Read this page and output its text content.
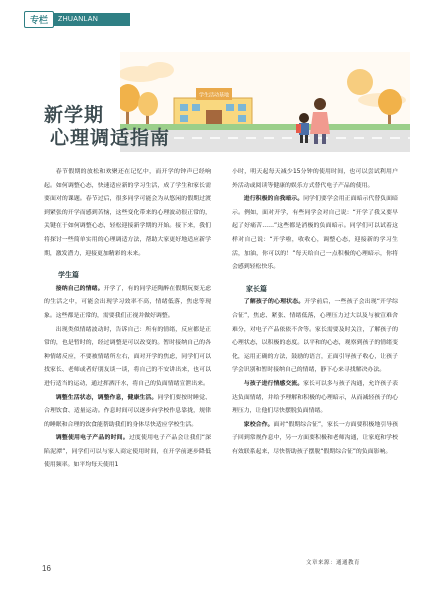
专栏	ZHUANLAN
学生活动基地
新学期
心理调适指南

春节假期的放松和欢聚还在记忆中，而开学的钟声已经响起。如何调整心态，快速适应新的学习生活，成了学生和家长需要面对的课题。春节过后，很多同学可能会为从悠闲的假期过渡到紧张的开学而感到苦恼，这些变化带来的心理波动很正常的，关键在于如何调整心态，轻松迎接新学期的开始。接下来，我们将探讨一些简单实用的心理调适方法，帮助大家更好地适应新学期，激发潜力，迎接更加精彩的未来。

学生篇

接纳自己的情绪。开学了，有的同学还陶醉在假期玩耍无虑的生活之中，可能会出现学习效率不高，情绪低落，焦虑等现象。这些都是正常的，需要我们正视并做好调整。

出现类似情绪波动时，告诉自己：所有的情绪，反应都是正常的，也是暂时的，经过调整是可以改变的。暂时接纳自己的各种情绪反应，不要被情绪所左右，面对开学的焦虑，同学们可以找家长、老师或者好朋友谈一谈，将自己的不安讲出来，也可以进行适当的运动，通过挥洒汗水，将自己的负面情绪宣泄出来。

调整生活状态，调整作息，健康生活。同学们要按时睡觉、合理饮食、适量运动。作息时间可以逐步向学校作息靠拢，规律的睡眠和合理的饮食能帮助我们的身体尽快适应学校生活。

调整使用电子产品的时间。过度使用电子产品会让我们“深陷泥潭”，同学们可以与家人商定使用时间，在开学前逐步降低使用频率。如平均每天使用1

小时，明天起每天减少15分钟的使用时间，也可以尝试利用户外活动或阅读等健康的娱乐方式替代电子产品的使用。

进行积极的自我暗示。同学们要学会用正面暗示代替负面暗示。例如，面对开学，有些同学会对自己说：“开学了我又要早起了好痛苦……”这些都是消极的负面暗示。同学们可以试着这样对自己说：“开学啦，收收心，调整心态，迎接新的学习生活，加油，你可以的！”每天给自己一点积极的心理暗示，你将会感到轻松快乐。

家长篇

了解孩子的心理状态。开学前后，一些孩子会出现“开学综合征”，焦虑、紧张、情绪低落，心理压力过大以及与被宣难舍难分，对电子产品依依不舍等。家长需要及时关注，了解孩子的心理状态，以积极的态度。以平和的心态，观察到孩子的情绪变化，运用正确的方法，鼓励的语言，正面引导孩子收心，让孩子学会识别和暂时接纳自己的情绪，静下心来寻找解决办法。

与孩子进行情感交流。家长可以多与孩子沟通，允许孩子表达负面情绪，并给予理解和积极的心理暗示，从而减轻孩子的心理压力，让他们尽快摆脱负面情绪。

家校合作。面对“假期综合征”，家长一方面要积极地引导孩子回到常规作息中，另一方面要积极和老师沟通，让家庭和学校有效联系起来，尽快帮助孩子摆脱“假期综合征”的负面影响。

文章来源：通通教育
16
